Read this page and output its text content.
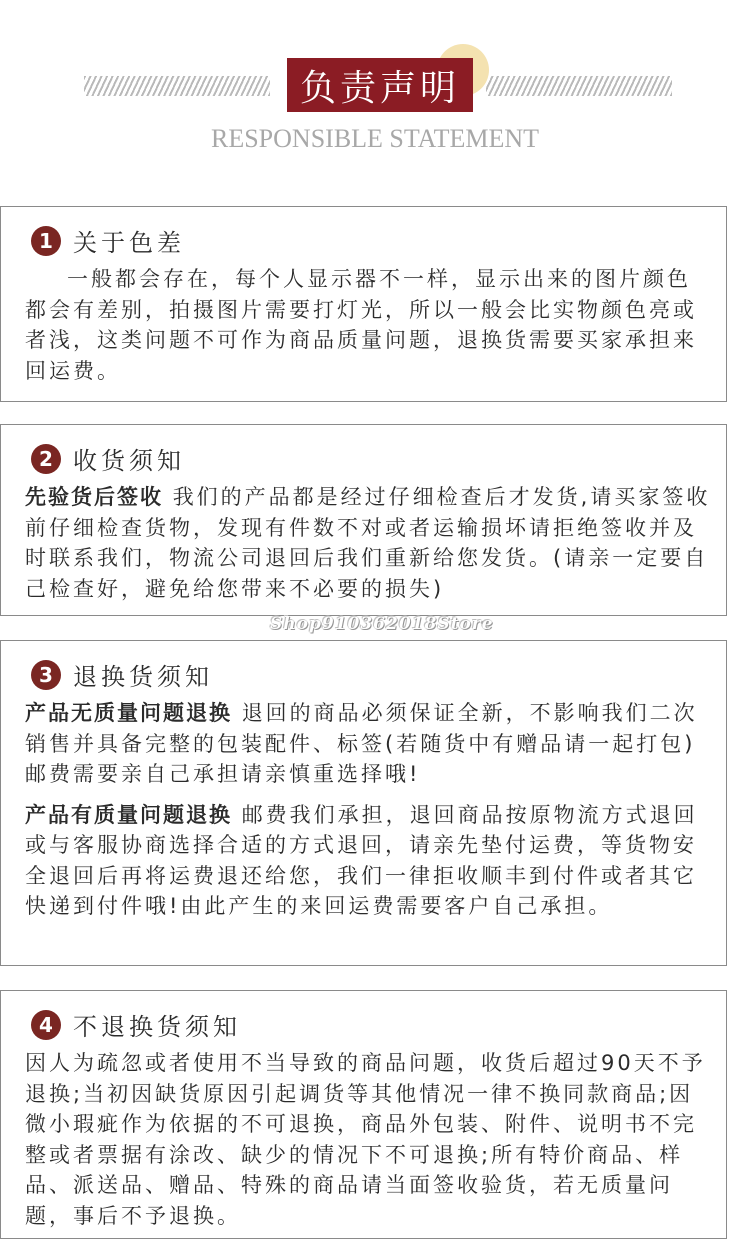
负责声明
RESPONSIBLE STATEMENT
1 关于色差

一般都会存在，每个人显示器不一样，显示出来的图片颜色都会有差别，拍摄图片需要打灯光，所以一般会比实物颜色亮或者浅，这类问题不可作为商品质量问题，退换货需要买家承担来回运费。

2 收货须知

先验货后签收 我们的产品都是经过仔细检查后才发货,请买家签收前仔细检查货物，发现有件数不对或者运输损坏请拒绝签收并及时联系我们，物流公司退回后我们重新给您发货。(请亲一定要自己检查好，避免给您带来不必要的损失)

Shop910362018Store
3 退换货须知

产品无质量问题退换 退回的商品必须保证全新，不影响我们二次销售并具备完整的包装配件、标签(若随货中有赠品请一起打包)邮费需要亲自己承担请亲慎重选择哦!

产品有质量问题退换 邮费我们承担，退回商品按原物流方式退回或与客服协商选择合适的方式退回，请亲先垫付运费，等货物安全退回后再将运费退还给您，我们一律拒收顺丰到付件或者其它快递到付件哦!由此产生的来回运费需要客户自己承担。

4 不退换货须知

因人为疏忽或者使用不当导致的商品问题，收货后超过90天不予退换;当初因缺货原因引起调货等其他情况一律不换同款商品;因微小瑕疵作为依据的不可退换，商品外包装、附件、说明书不完整或者票据有涂改、缺少的情况下不可退换;所有特价商品、样品、派送品、赠品、特殊的商品请当面签收验货，若无质量问题，事后不予退换。
